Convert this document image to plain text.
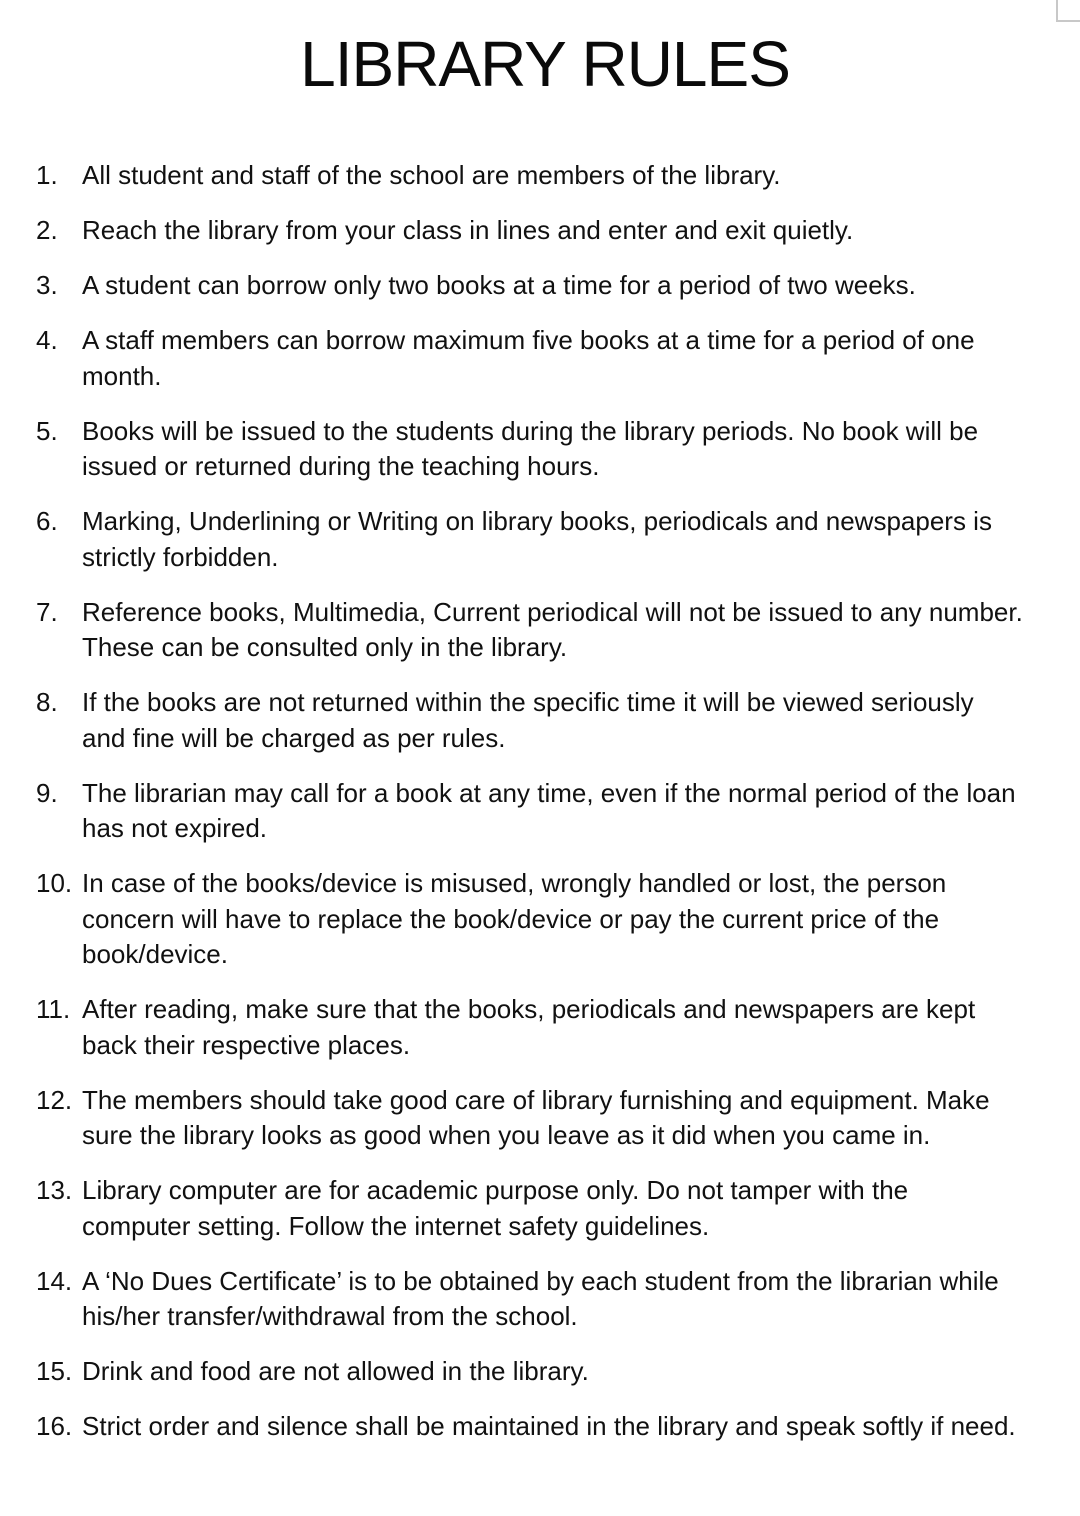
LIBRARY RULES
1. All student and staff of the school are members of the library.
2. Reach the library from your class in lines and enter and exit quietly.
3. A student can borrow only two books at a time for a period of two weeks.
4. A staff members can borrow maximum five books at a time for a period of one
month.
5. Books will be issued to the students during the library periods. No book will be
issued or returned during the teaching hours.
6. Marking, Underlining or Writing on library books, periodicals and newspapers is
strictly forbidden.
7. Reference books, Multimedia, Current periodical will not be issued to any number.
These can be consulted only in the library.
8. If the books are not returned within the specific time it will be viewed seriously
and fine will be charged as per rules.
9. The librarian may call for a book at any time, even if the normal period of the loan
has not expired.
10. In case of the books/device is misused, wrongly handled or lost, the person
concern will have to replace the book/device or pay the current price of the
book/device.
11. After reading, make sure that the books, periodicals and newspapers are kept
back their respective places.
12. The members should take good care of library furnishing and equipment. Make
sure the library looks as good when you leave as it did when you came in.
13. Library computer are for academic purpose only. Do not tamper with the
computer setting. Follow the internet safety guidelines.
14. A ‘No Dues Certificate’ is to be obtained by each student from the librarian while
his/her transfer/withdrawal from the school.
15. Drink and food are not allowed in the library.
16. Strict order and silence shall be maintained in the library and speak softly if need.
